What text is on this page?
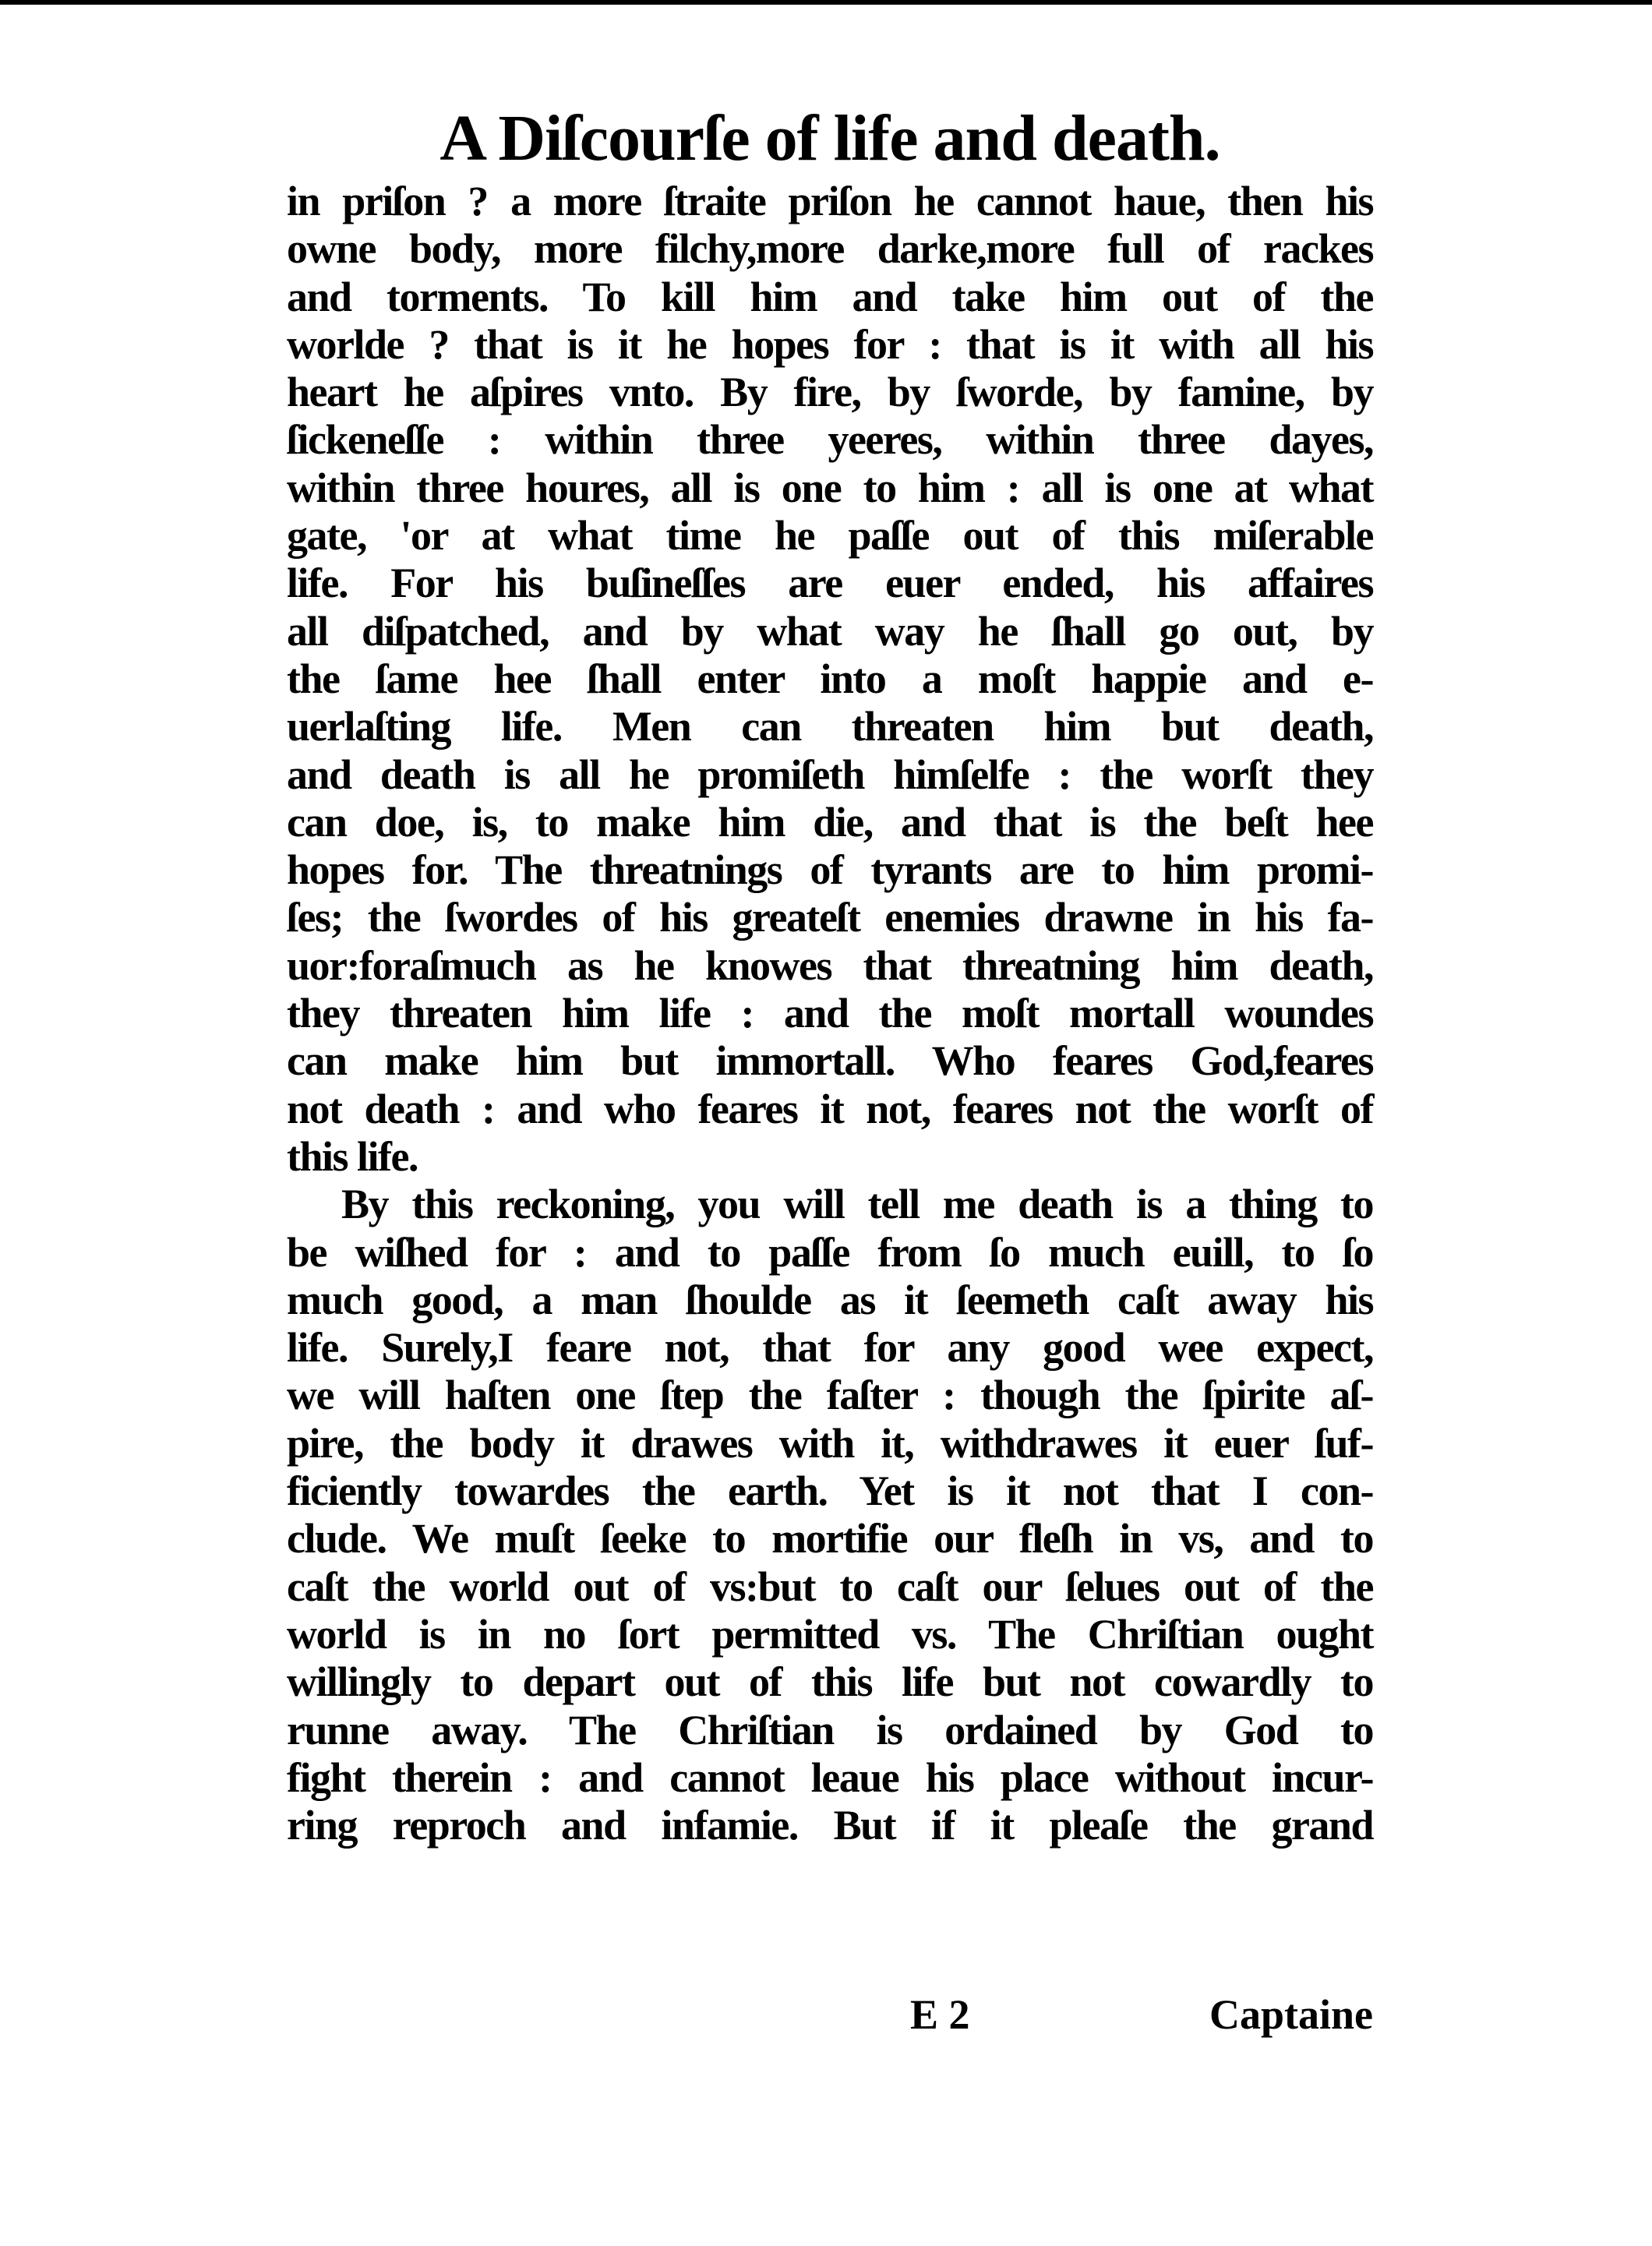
A Diſcourſe of life and death.
in priſon ? a more ſtraite priſon he cannot haue, then his
owne body, more filchy,more darke,more full of rackes
and torments. To kill him and take him out of the
worlde ? that is it he hopes for : that is it with all his
heart he aſpires vnto. By fire, by ſworde, by famine, by
ſickeneſſe : within three yeeres, within three dayes,
within three houres, all is one to him : all is one at what
gate, 'or at what time he paſſe out of this miſerable
life. For his buſineſſes are euer ended, his affaires
all diſpatched, and by what way he ſhall go out, by
the ſame hee ſhall enter into a moſt happie and e-
uerlaſting life. Men can threaten him but death,
and death is all he promiſeth himſelfe : the worſt they
can doe, is, to make him die, and that is the beſt hee
hopes for. The threatnings of tyrants are to him promi-
ſes; the ſwordes of his greateſt enemies drawne in his fa-
uor:foraſmuch as he knowes that threatning him death,
they threaten him life : and the moſt mortall woundes
can make him but immortall. Who feares God,feares
not death : and who feares it not, feares not the worſt of
this life.
By this reckoning, you will tell me death is a thing to
be wiſhed for : and to paſſe from ſo much euill, to ſo
much good, a man ſhoulde as it ſeemeth caſt away his
life. Surely,I feare not, that for any good wee expect,
we will haſten one ſtep the faſter : though the ſpirite aſ-
pire, the body it drawes with it, withdrawes it euer ſuf-
ficiently towardes the earth. Yet is it not that I con-
clude. We muſt ſeeke to mortifie our fleſh in vs, and to
caſt the world out of vs:but to caſt our ſelues out of the
world is in no ſort permitted vs. The Chriſtian ought
willingly to depart out of this life but not cowardly to
runne away. The Chriſtian is ordained by God to
fight therein : and cannot leaue his place without incur-
ring reproch and infamie. But if it pleaſe the grand
E 2	Captaine
